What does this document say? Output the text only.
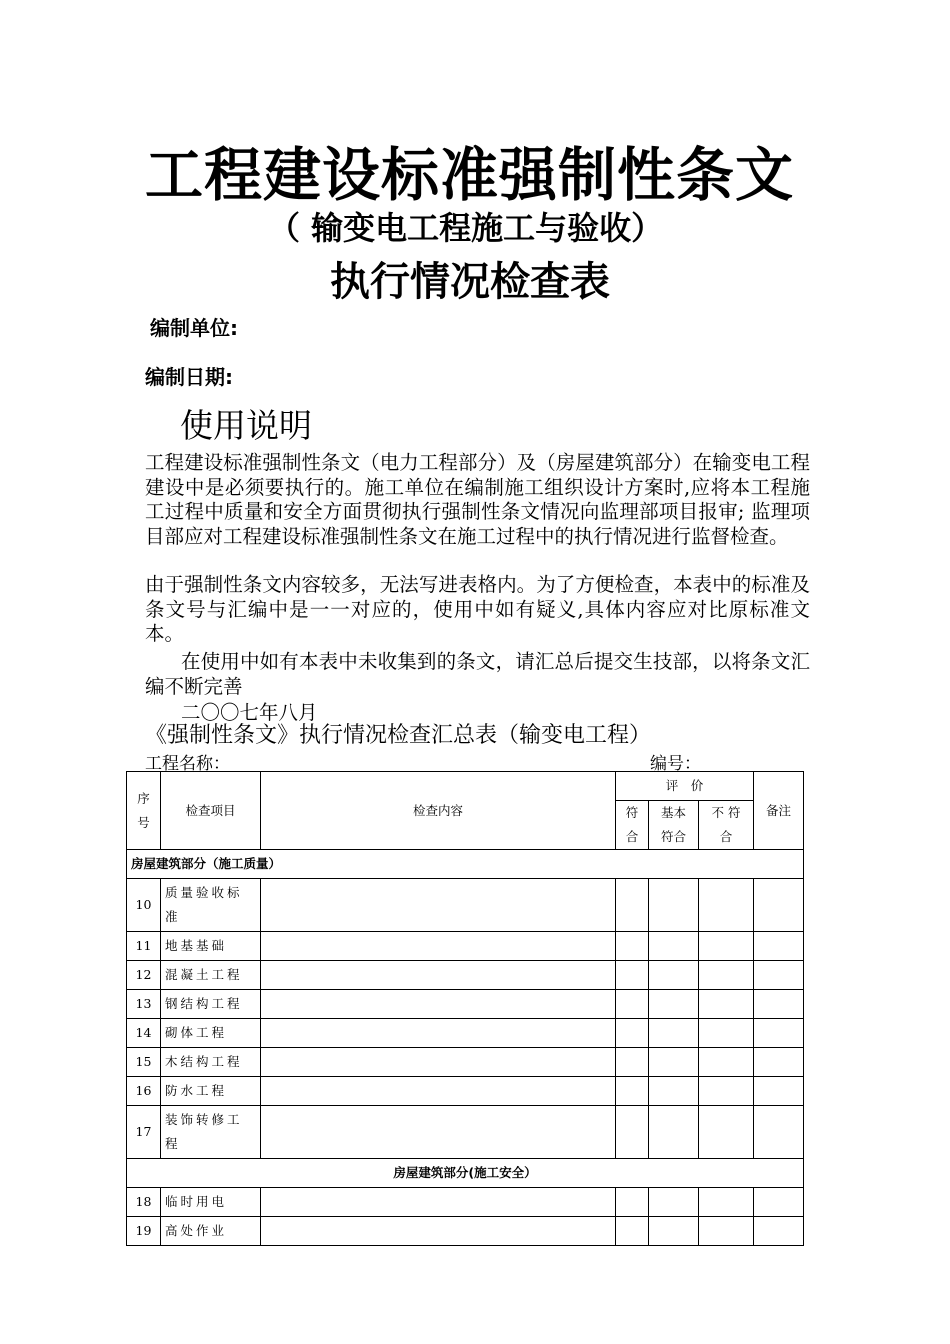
工程建设标准强制性条文
（ 输变电工程施工与验收）
执行情况检查表
编制单位:
编制日期:
使用说明
工程建设标准强制性条文（电力工程部分）及（房屋建筑部分）在输变电工程建设中是必须要执行的。施工单位在编制施工组织设计方案时,应将本工程施工过程中质量和安全方面贯彻执行强制性条文情况向监理部项目报审; 监理项目部应对工程建设标准强制性条文在施工过程中的执行情况进行监督检查。
由于强制性条文内容较多，无法写进表格内。为了方便检查，本表中的标准及条文号与汇编中是一一对应的，使用中如有疑义,具体内容应对比原标准文本。
在使用中如有本表中未收集到的条文，请汇总后提交生技部，以将条文汇编不断完善
二〇〇七年八月
《强制性条文》执行情况检查汇总表（输变电工程）
工程名称：	编号：
序号	检查项目	检查内容	评　价			备注
			符合	基本符合	不 符合	
房屋建筑部分（施工质量）						
10	质量验收标准					
11	地基基础					
12	混凝土工程					
13	钢结构工程					
14	砌体工程					
15	木结构工程					
16	防水工程					
17	装饰转修工程					
房屋建筑部分(施工安全）						
18	临时用电					
19	高处作业					
